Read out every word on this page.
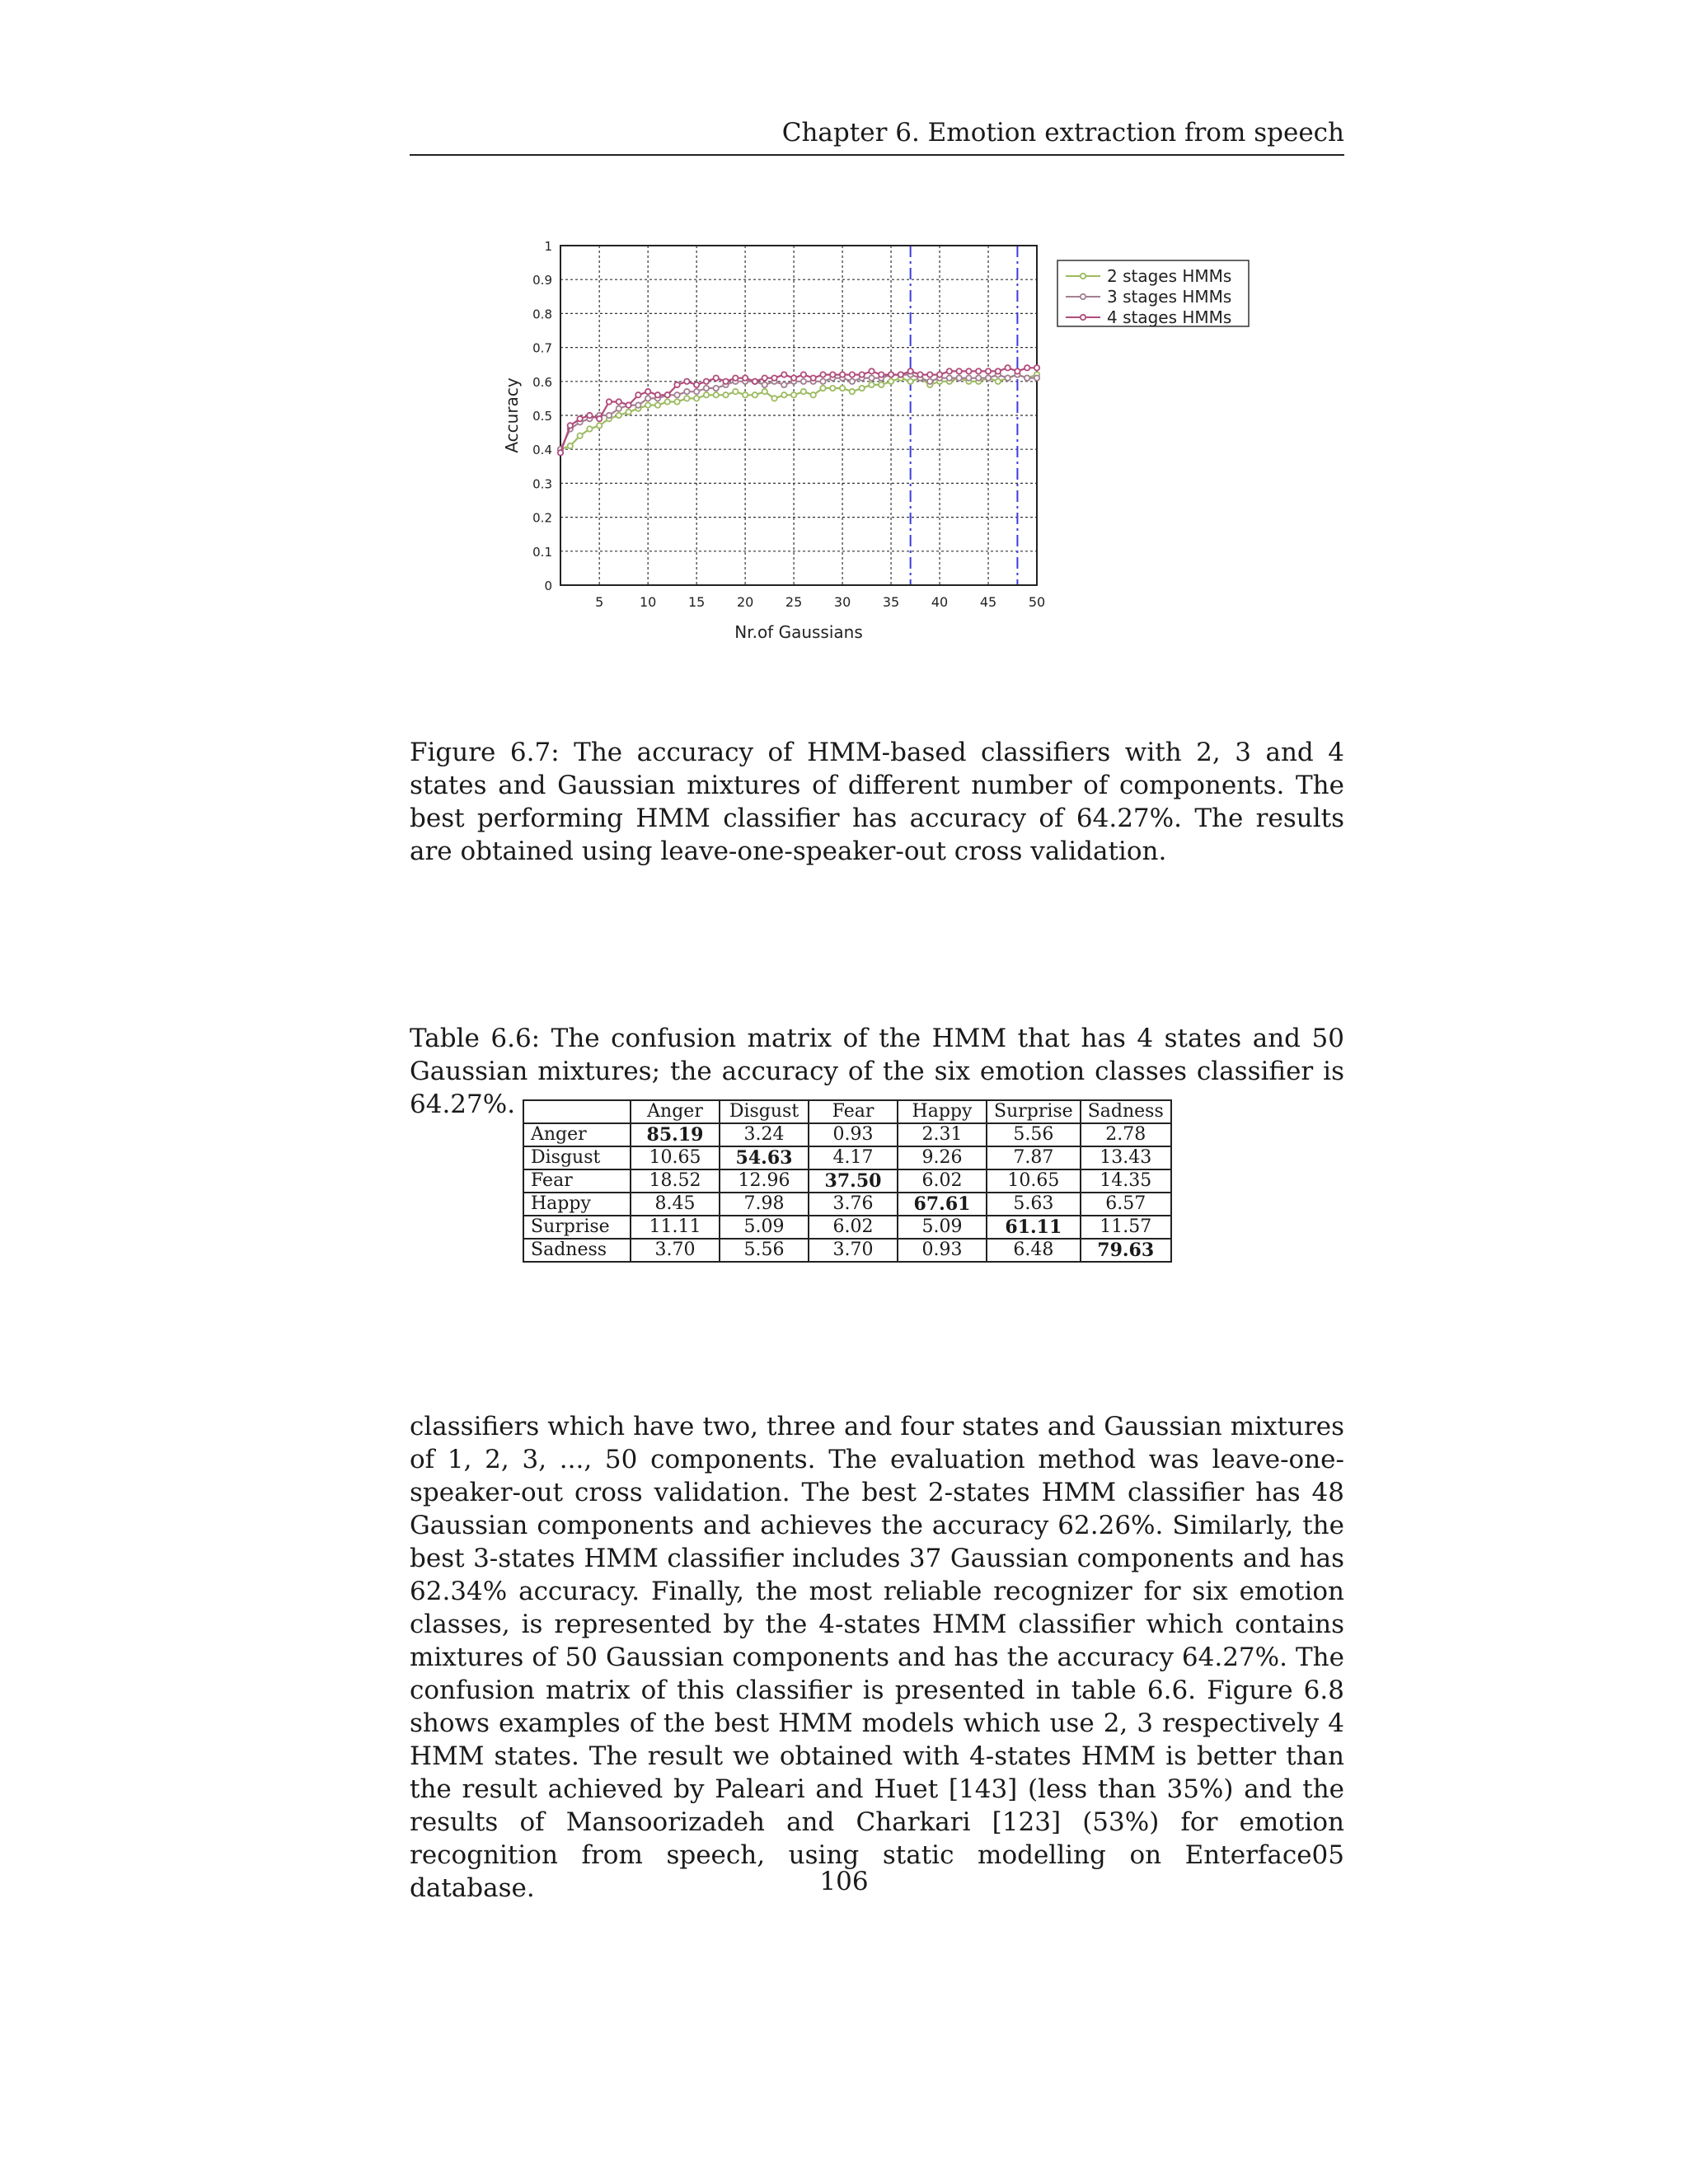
Chapter 6. Emotion extraction from speech
0
0.1
0.2
0.3
0.4
0.5
0.6
0.7
0.8
0.9
1
5	10 15 20 25 30 35 40 45 50
Nr.of Gaussians
Accuracy
2 stages HMMs
3 stages HMMs
4 stages HMMs

Figure 6.7: The accuracy of HMM-based classifiers with 2, 3 and 4 states and Gaussian mixtures of different number of components. The best performing HMM classifier has accuracy of 64.27%. The results are obtained using leave-one-speaker-out cross validation.

Table 6.6: The confusion matrix of the HMM that has 4 states and 50 Gaussian mixtures; the accuracy of the six emotion classes classifier is 64.27%.

		Anger	Disgust	Fear	Happy	Surprise	Sadness
Anger	85.19	3.24	0.93	2.31	5.56	2.78
Disgust	10.65	54.63	4.17	9.26	7.87	13.43
Fear	18.52	12.96	37.50	6.02	10.65	14.35
Happy	8.45	7.98	3.76	67.61	5.63	6.57
Surprise	11.11	5.09	6.02	5.09	61.11	11.57
Sadness	3.70	5.56	3.70	0.93	6.48	79.63

classifiers which have two, three and four states and Gaussian mixtures of 1, 2, 3, ..., 50 components. The evaluation method was leave-one-speaker-out cross validation. The best 2-states HMM classifier has 48 Gaussian components and achieves the accuracy 62.26%. Similarly, the best 3-states HMM classifier includes 37 Gaussian components and has 62.34% accuracy. Finally, the most reliable recognizer for six emotion classes, is represented by the 4-states HMM classifier which contains mixtures of 50 Gaussian components and has the accuracy 64.27%. The confusion matrix of this classifier is presented in table 6.6. Figure 6.8 shows examples of the best HMM models which use 2, 3 respectively 4 HMM states. The result we obtained with 4-states HMM is better than the result achieved by Paleari and Huet [143] (less than 35%) and the results of Mansoorizadeh and Charkari [123] (53%) for emotion recognition from speech, using static modelling on Enterface05 database.	106
